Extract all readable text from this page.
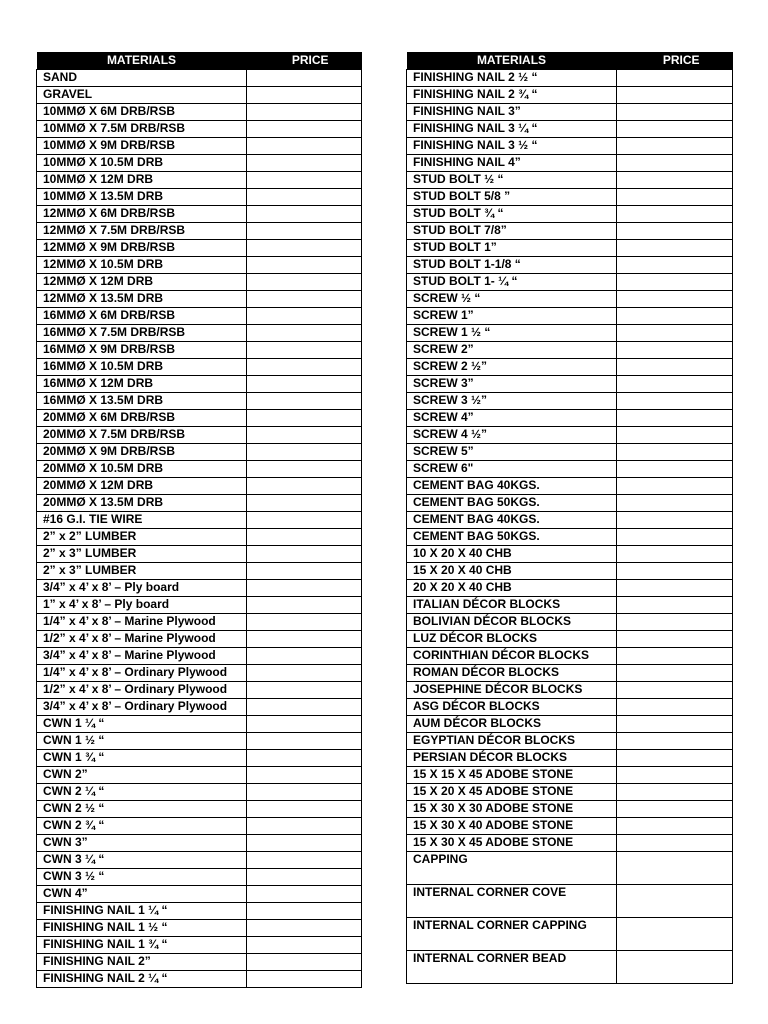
MATERIALS	PRICE
SAND	
GRAVEL	
10MMØ X 6M DRB/RSB	
10MMØ X 7.5M DRB/RSB	
10MMØ X 9M DRB/RSB	
10MMØ X 10.5M DRB	
10MMØ X 12M DRB	
10MMØ X 13.5M DRB	
12MMØ X 6M DRB/RSB	
12MMØ X 7.5M DRB/RSB	
12MMØ X 9M DRB/RSB	
12MMØ X 10.5M DRB	
12MMØ X 12M DRB	
12MMØ X 13.5M DRB	
16MMØ X 6M DRB/RSB	
16MMØ X 7.5M DRB/RSB	
16MMØ X 9M DRB/RSB	
16MMØ X 10.5M DRB	
16MMØ X 12M DRB	
16MMØ X 13.5M DRB	
20MMØ X 6M DRB/RSB	
20MMØ X 7.5M DRB/RSB	
20MMØ X 9M DRB/RSB	
20MMØ X 10.5M DRB	
20MMØ X 12M DRB	
20MMØ X 13.5M DRB	
#16 G.I. TIE WIRE	
2” x 2” LUMBER	
2” x 3” LUMBER	
2” x 3” LUMBER	
3/4” x 4’ x 8’ – Ply board	
1” x 4’ x 8’ – Ply board	
1/4” x 4’ x 8’ – Marine Plywood	
1/2” x 4’ x 8’ – Marine Plywood	
3/4” x 4’ x 8’ – Marine Plywood	
1/4” x 4’ x 8’ – Ordinary Plywood	
1/2” x 4’ x 8’ – Ordinary Plywood	
3/4” x 4’ x 8’ – Ordinary Plywood	
CWN 1 ¼ “	
CWN 1 ½ “	
CWN 1 ¾ “	
CWN 2”	
CWN 2 ¼ “	
CWN 2 ½ “	
CWN 2 ¾ “	
CWN 3”	
CWN 3 ¼ “	
CWN 3 ½ “	
CWN 4”	
FINISHING NAIL 1 ¼ “	
FINISHING NAIL 1 ½ “	
FINISHING NAIL 1 ¾ “	
FINISHING NAIL 2”	
FINISHING NAIL 2 ¼ “	
MATERIALS	PRICE
FINISHING NAIL 2 ½ “	
FINISHING NAIL 2 ¾ “	
FINISHING NAIL 3”	
FINISHING NAIL 3 ¼ “	
FINISHING NAIL 3 ½ “	
FINISHING NAIL 4”	
STUD BOLT ½ “	
STUD BOLT 5/8 ”	
STUD BOLT ¾ “	
STUD BOLT 7/8”	
STUD BOLT 1”	
STUD BOLT 1-1/8 “	
STUD BOLT 1- ¼ “	
SCREW ½ “	
SCREW 1”	
SCREW 1 ½ “	
SCREW 2”	
SCREW 2 ½”	
SCREW 3”	
SCREW 3 ½”	
SCREW 4”	
SCREW 4 ½”	
SCREW 5”	
SCREW 6"	
CEMENT BAG 40KGS.	
CEMENT BAG 50KGS.	
CEMENT BAG 40KGS.	
CEMENT BAG 50KGS.	
10 X 20 X 40 CHB	
15 X 20 X 40 CHB	
20 X 20 X 40 CHB	
ITALIAN DÉCOR BLOCKS	
BOLIVIAN DÉCOR BLOCKS	
LUZ DÉCOR BLOCKS	
CORINTHIAN DÉCOR BLOCKS	
ROMAN DÉCOR BLOCKS	
JOSEPHINE DÉCOR BLOCKS	
ASG DÉCOR BLOCKS	
AUM DÉCOR BLOCKS	
EGYPTIAN DÉCOR BLOCKS	
PERSIAN DÉCOR BLOCKS	
15 X 15 X 45 ADOBE STONE	
15 X 20 X 45 ADOBE STONE	
15 X 30 X 30 ADOBE STONE	
15 X 30 X 40 ADOBE STONE	
15 X 30 X 45 ADOBE STONE	
CAPPING	
INTERNAL CORNER COVE	
INTERNAL CORNER CAPPING	
INTERNAL CORNER BEAD	
